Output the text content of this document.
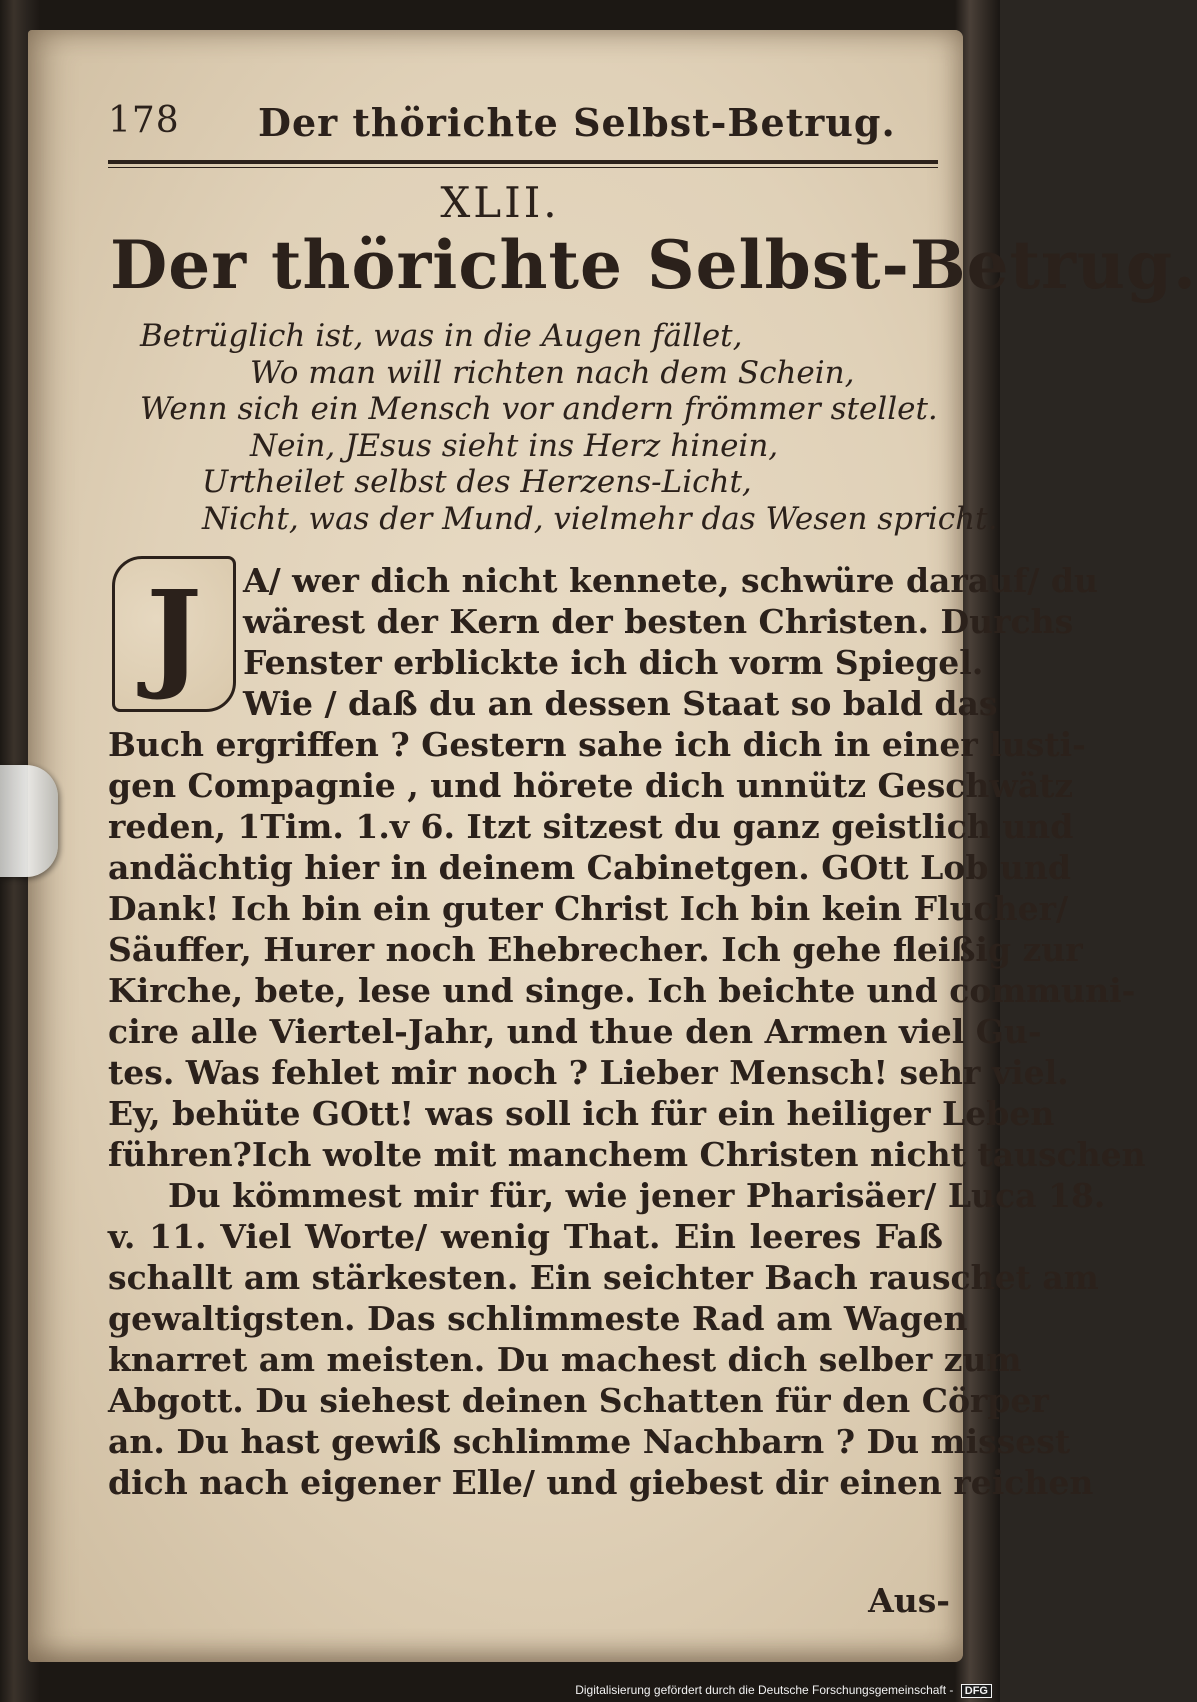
178 Der thörichte Selbst-Betrug.
XLII.
Der thörichte Selbst-Betrug.
Betrüglich ist, was in die Augen fället,
Wo man will richten nach dem Schein,
Wenn sich ein Mensch vor andern frömmer stellet.
Nein, JEsus sieht ins Herz hinein,
Urtheilet selbst des Herzens-Licht,
Nicht, was der Mund, vielmehr das Wesen spricht.
J	A/ wer dich nicht kennete, schwüre darauf/ du
wärest der Kern der besten Christen. Durchs
Fenster erblickte ich dich vorm Spiegel.
Wie / daß du an dessen Staat so bald das
Buch ergriffen ? Gestern sahe ich dich in einer lusti-
gen Compagnie , und hörete dich unnütz Geschwätz
reden, 1Tim. 1.v 6. Itzt sitzest du ganz geistlich und
andächtig hier in deinem Cabinetgen. GOtt Lob und
Dank! Ich bin ein guter Christ Ich bin kein Flucher/
Säuffer, Hurer noch Ehebrecher. Ich gehe fleißig zur
Kirche, bete, lese und singe. Ich beichte und communi-
cire alle Viertel-Jahr, und thue den Armen viel Gu-
tes. Was fehlet mir noch ? Lieber Mensch! sehr viel.
Ey, behüte GOtt! was soll ich für ein heiliger Leben
führen?Ich wolte mit manchem Christen nicht tauschen
Du kömmest mir für, wie jener Pharisäer/ Luca 18.
v. 11. Viel Worte/ wenig That. Ein leeres Faß
schallt am stärkesten. Ein seichter Bach rauschet am
gewaltigsten. Das schlimmeste Rad am Wagen
knarret am meisten. Du machest dich selber zum
Abgott. Du siehest deinen Schatten für den Cörper
an. Du hast gewiß schlimme Nachbarn ? Du missest
dich nach eigener Elle/ und giebest dir einen reichen
Aus-
Digitalisierung gefördert durch die Deutsche Forschungsgemeinschaft - DFG
